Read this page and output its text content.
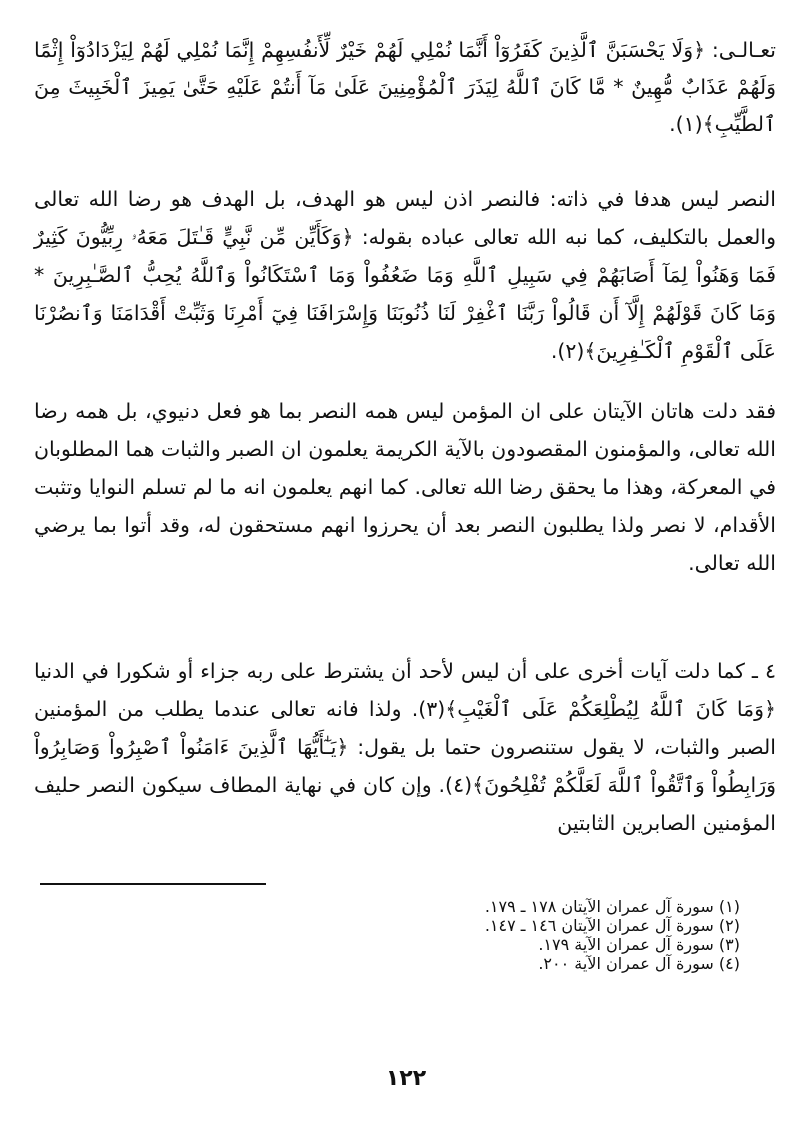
تعـالـى: ﴿وَلَا يَحْسَبَنَّ ٱلَّذِينَ كَفَرُوٓاْ أَنَّمَا نُمْلِي لَهُمْ خَيْرٌ لِّأَنفُسِهِمْ إِنَّمَا نُمْلِي لَهُمْ لِيَزْدَادُوٓاْ إِثْمًا وَلَهُمْ عَذَابٌ مُّهِينٌ * مَّا كَانَ ٱللَّهُ لِيَذَرَ ٱلْمُؤْمِنِينَ عَلَىٰ مَآ أَنتُمْ عَلَيْهِ حَتَّىٰ يَمِيزَ ٱلْخَبِيثَ مِنَ ٱلطَّيِّبِ﴾(١).

النصر ليس هدفا في ذاته: فالنصر اذن ليس هو الهدف، بل الهدف هو رضا الله تعالى والعمل بالتكليف، كما نبه الله تعالى عباده بقوله: ﴿وَكَأَيِّن مِّن نَّبِيٍّ قَـٰتَلَ مَعَهُۥ رِبِّيُّونَ كَثِيرٌ فَمَا وَهَنُواْ لِمَآ أَصَابَهُمْ فِي سَبِيلِ ٱللَّهِ وَمَا ضَعُفُواْ وَمَا ٱسْتَكَانُواْ وَٱللَّهُ يُحِبُّ ٱلصَّـٰبِرِينَ * وَمَا كَانَ قَوْلَهُمْ إِلَّآ أَن قَالُواْ رَبَّنَا ٱغْفِرْ لَنَا ذُنُوبَنَا وَإِسْرَافَنَا فِيٓ أَمْرِنَا وَثَبِّتْ أَقْدَامَنَا وَٱنصُرْنَا عَلَى ٱلْقَوْمِ ٱلْكَـٰفِرِينَ﴾(٢).

فقد دلت هاتان الآيتان على ان المؤمن ليس همه النصر بما هو فعل دنيوي، بل همه رضا الله تعالى، والمؤمنون المقصودون بالآية الكريمة يعلمون ان الصبر والثبات هما المطلوبان في المعركة، وهذا ما يحقق رضا الله تعالى. كما انهم يعلمون انه ما لم تسلم النوايا وتثبت الأقدام، لا نصر ولذا يطلبون النصر بعد أن يحرزوا انهم مستحقون له، وقد أتوا بما يرضي الله تعالى.

٤ ـ كما دلت آيات أخرى على أن ليس لأحد أن يشترط على ربه جزاء أو شكورا في الدنيا ﴿وَمَا كَانَ ٱللَّهُ لِيُطْلِعَكُمْ عَلَى ٱلْغَيْبِ﴾(٣). ولذا فانه تعالى عندما يطلب من المؤمنين الصبر والثبات، لا يقول ستنصرون حتما بل يقول: ﴿يَـٰٓأَيُّهَا ٱلَّذِينَ ءَامَنُواْ ٱصْبِرُواْ وَصَابِرُواْ وَرَابِطُواْ وَٱتَّقُواْ ٱللَّهَ لَعَلَّكُمْ تُفْلِحُونَ﴾(٤). وإن كان في نهاية المطاف سيكون النصر حليف المؤمنين الصابرين الثابتين

(١) سورة آل عمران الآيتان ١٧٨ ـ ١٧٩.
(٢) سورة آل عمران الآيتان ١٤٦ ـ ١٤٧.
(٣) سورة آل عمران الآية ١٧٩.
(٤) سورة آل عمران الآية ٢٠٠.
١٢٢
